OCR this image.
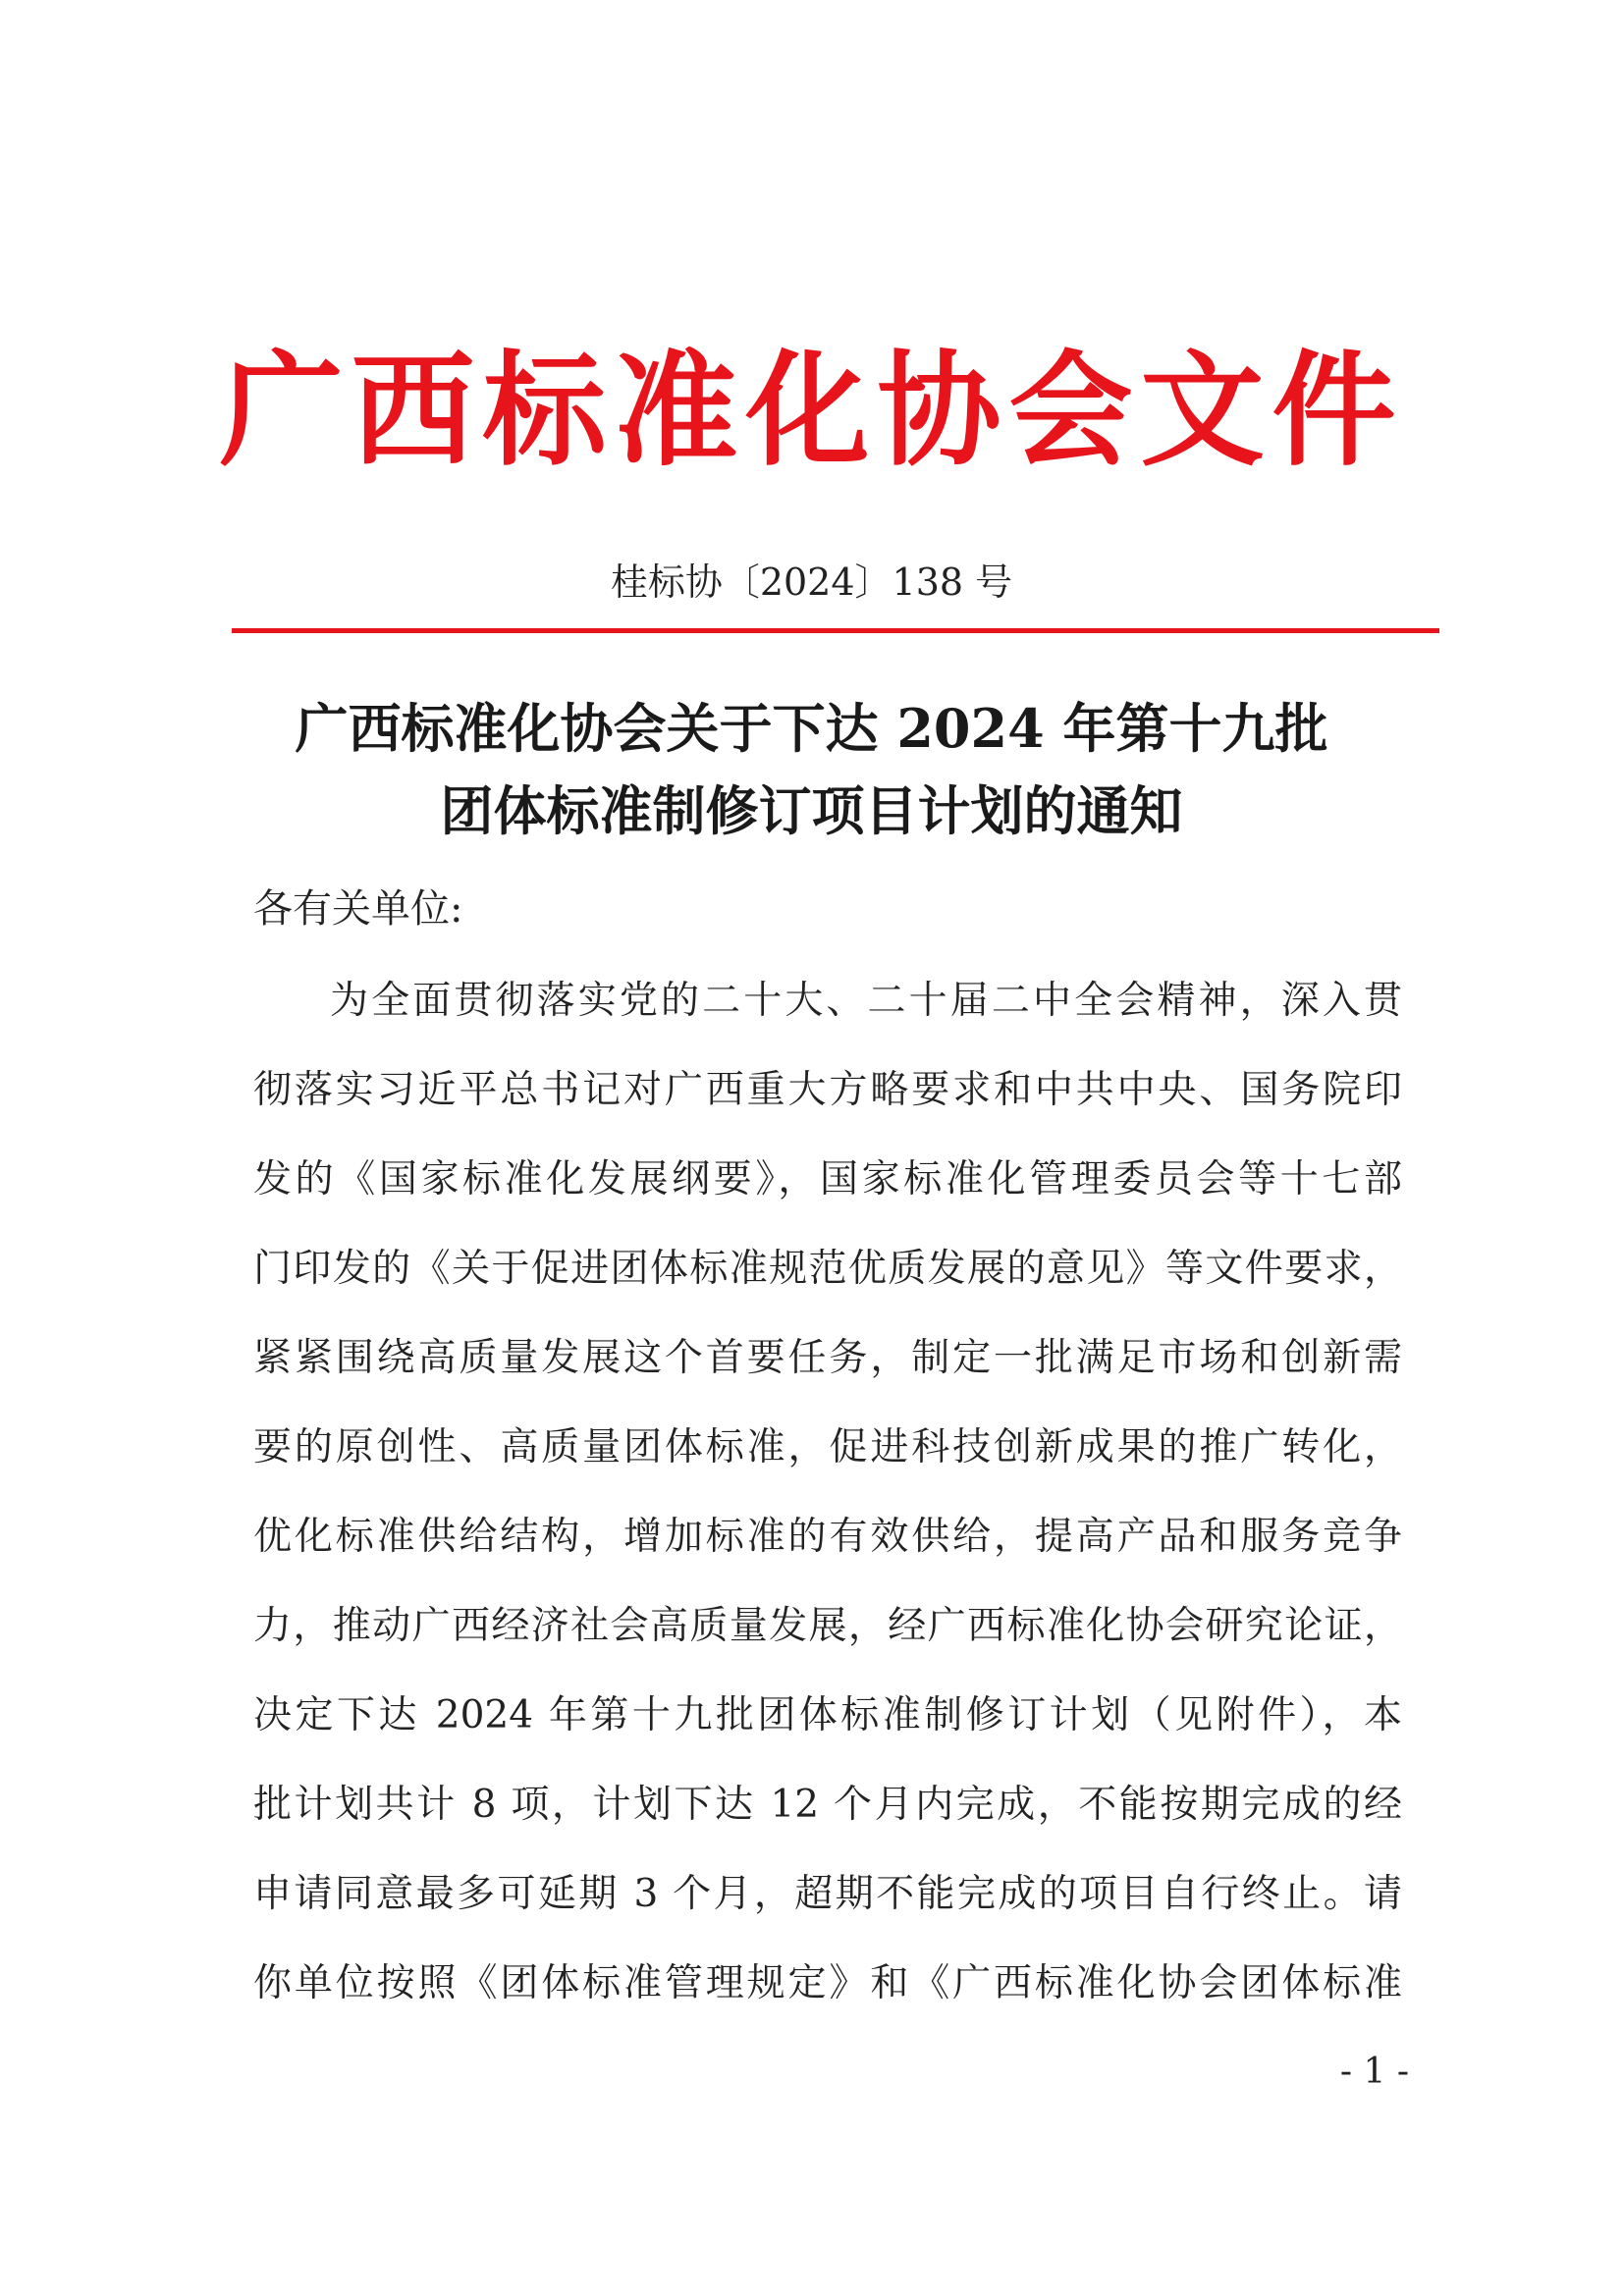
广西标准化协会文件
桂标协〔2024〕138 号
广西标准化协会关于下达 2024 年第十九批
团体标准制修订项目计划的通知
各有关单位:
为全面贯彻落实党的二十大、二十届二中全会精神，深入贯
彻落实习近平总书记对广西重大方略要求和中共中央、国务院印
发的《国家标准化发展纲要》，国家标准化管理委员会等十七部
门印发的《关于促进团体标准规范优质发展的意见》等文件要求，
紧紧围绕高质量发展这个首要任务，制定一批满足市场和创新需
要的原创性、高质量团体标准，促进科技创新成果的推广转化，
优化标准供给结构，增加标准的有效供给，提高产品和服务竞争
力，推动广西经济社会高质量发展，经广西标准化协会研究论证，
决定下达 2024 年第十九批团体标准制修订计划（见附件），本
批计划共计 8 项，计划下达 12 个月内完成，不能按期完成的经
申请同意最多可延期 3 个月，超期不能完成的项目自行终止。请
你单位按照《团体标准管理规定》和《广西标准化协会团体标准
- 1 -
